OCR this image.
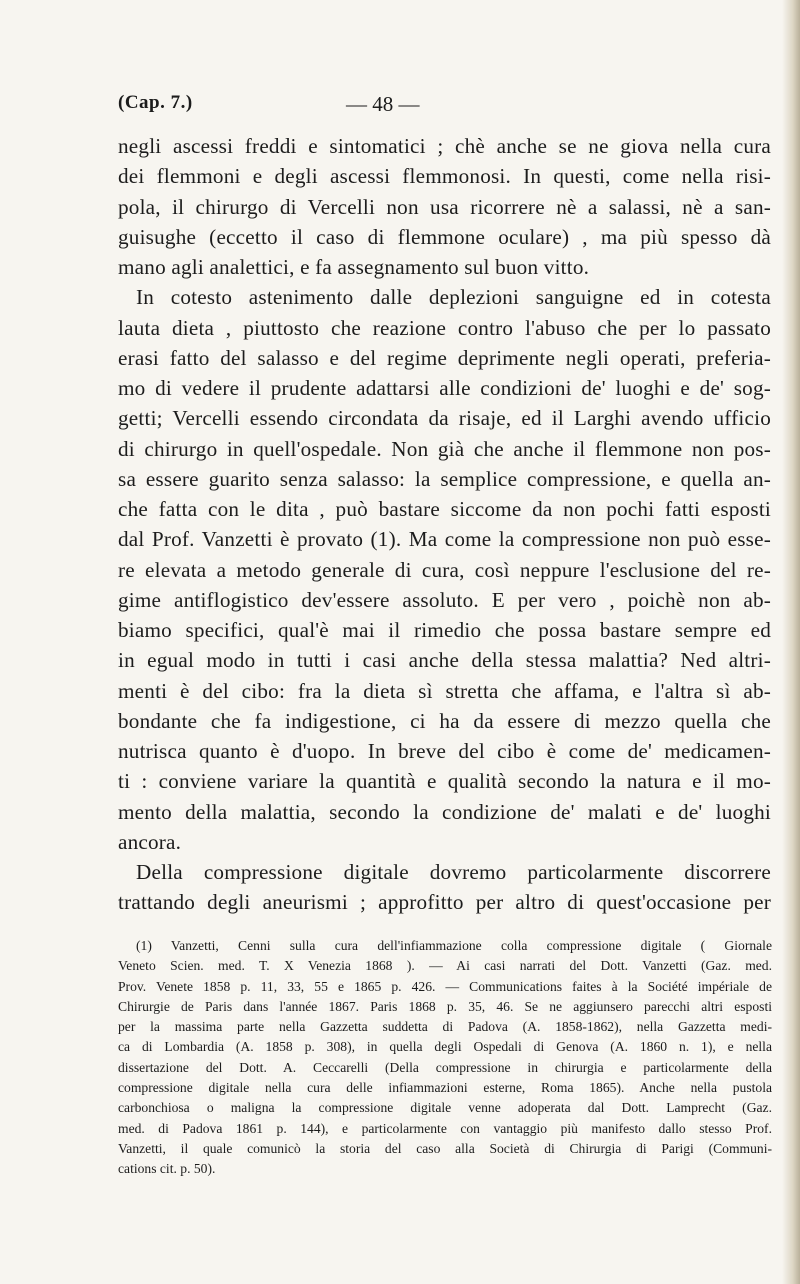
(Cap. 7.)	— 48 —
negli ascessi freddi e sintomatici ; chè anche se ne giova nella cura
dei flemmoni e degli ascessi flemmonosi. In questi, come nella risi-
pola, il chirurgo di Vercelli non usa ricorrere nè a salassi, nè a san-
guisughe (eccetto il caso di flemmone oculare) , ma più spesso dà
mano agli analettici, e fa assegnamento sul buon vitto.
In cotesto astenimento dalle deplezioni sanguigne ed in cotesta
lauta dieta , piuttosto che reazione contro l'abuso che per lo passato
erasi fatto del salasso e del regime deprimente negli operati, preferia-
mo di vedere il prudente adattarsi alle condizioni de' luoghi e de' sog-
getti; Vercelli essendo circondata da risaje, ed il Larghi avendo ufficio
di chirurgo in quell'ospedale. Non già che anche il flemmone non pos-
sa essere guarito senza salasso: la semplice compressione, e quella an-
che fatta con le dita , può bastare siccome da non pochi fatti esposti
dal Prof. Vanzetti è provato (1). Ma come la compressione non può esse-
re elevata a metodo generale di cura, così neppure l'esclusione del re-
gime antiflogistico dev'essere assoluto. E per vero , poichè non ab-
biamo specifici, qual'è mai il rimedio che possa bastare sempre ed
in egual modo in tutti i casi anche della stessa malattia? Ned altri-
menti è del cibo: fra la dieta sì stretta che affama, e l'altra sì ab-
bondante che fa indigestione, ci ha da essere di mezzo quella che
nutrisca quanto è d'uopo. In breve del cibo è come de' medicamen-
ti : conviene variare la quantità e qualità secondo la natura e il mo-
mento della malattia, secondo la condizione de' malati e de' luoghi
ancora.
Della compressione digitale dovremo particolarmente discorrere
trattando degli aneurismi ; approfitto per altro di quest'occasione per
(1) Vanzetti, Cenni sulla cura dell'infiammazione colla compressione digitale ( Giornale
Veneto Scien. med. T. X Venezia 1868 ). — Ai casi narrati del Dott. Vanzetti (Gaz. med.
Prov. Venete 1858 p. 11, 33, 55 e 1865 p. 426. — Communications faites à la Société impériale de
Chirurgie de Paris dans l'année 1867. Paris 1868 p. 35, 46. Se ne aggiunsero parecchi altri esposti
per la massima parte nella Gazzetta suddetta di Padova (A. 1858-1862), nella Gazzetta medi-
ca di Lombardia (A. 1858 p. 308), in quella degli Ospedali di Genova (A. 1860 n. 1), e nella
dissertazione del Dott. A. Ceccarelli (Della compressione in chirurgia e particolarmente della
compressione digitale nella cura delle infiammazioni esterne, Roma 1865). Anche nella pustola
carbonchiosa o maligna la compressione digitale venne adoperata dal Dott. Lamprecht (Gaz.
med. di Padova 1861 p. 144), e particolarmente con vantaggio più manifesto dallo stesso Prof.
Vanzetti, il quale comunicò la storia del caso alla Società di Chirurgia di Parigi (Communi-
cations cit. p. 50).
